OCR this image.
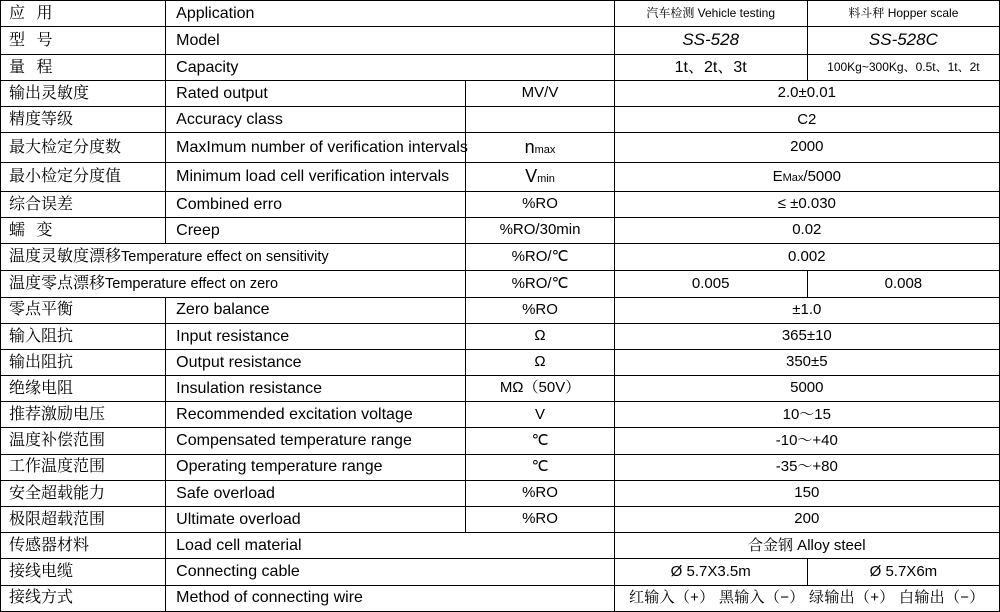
应 用	Application		汽车检测 Vehicle testing	料斗秤 Hopper scale
型 号	Model		SS-528	SS-528C
量 程	Capacity		1t、2t、3t	100Kg~300Kg、0.5t、1t、2t
输出灵敏度	Rated output	MV/V	2.0±0.01	
精度等级	Accuracy class		C2	
最大检定分度数	MaxImum number of verification intervals	nmax	2000	
最小检定分度值	Minimum load cell verification intervals	Vmin	EMax/5000	
综合误差	Combined erro	%RO	≤ ±0.030	
蠕 变	Creep	%RO/30min	0.02	
温度灵敏度漂移Temperature effect on sensitivity		%RO/℃	0.002	
温度零点漂移Temperature effect on zero		%RO/℃	0.005	0.008
零点平衡	Zero balance	%RO	±1.0	
输入阻抗	Input resistance	Ω	365±10	
输出阻抗	Output resistance	Ω	350±5	
绝缘电阻	Insulation resistance	MΩ（50V）	5000	
推荐激励电压	Recommended excitation voltage	V	10～15	
温度补偿范围	Compensated temperature range	℃	-10～+40	
工作温度范围	Operating temperature range	℃	-35～+80	
安全超载能力	Safe overload	%RO	150	
极限超载范围	Ultimate overload	%RO	200	
传感器材料	Load cell material		合金钢 Alloy steel	
接线电缆	Connecting cable		Ø 5.7X3.5m	Ø 5.7X6m
接线方式	Method of connecting wire		红输入（+） 黑输入（−） 绿输出（+） 白输出（−）	
